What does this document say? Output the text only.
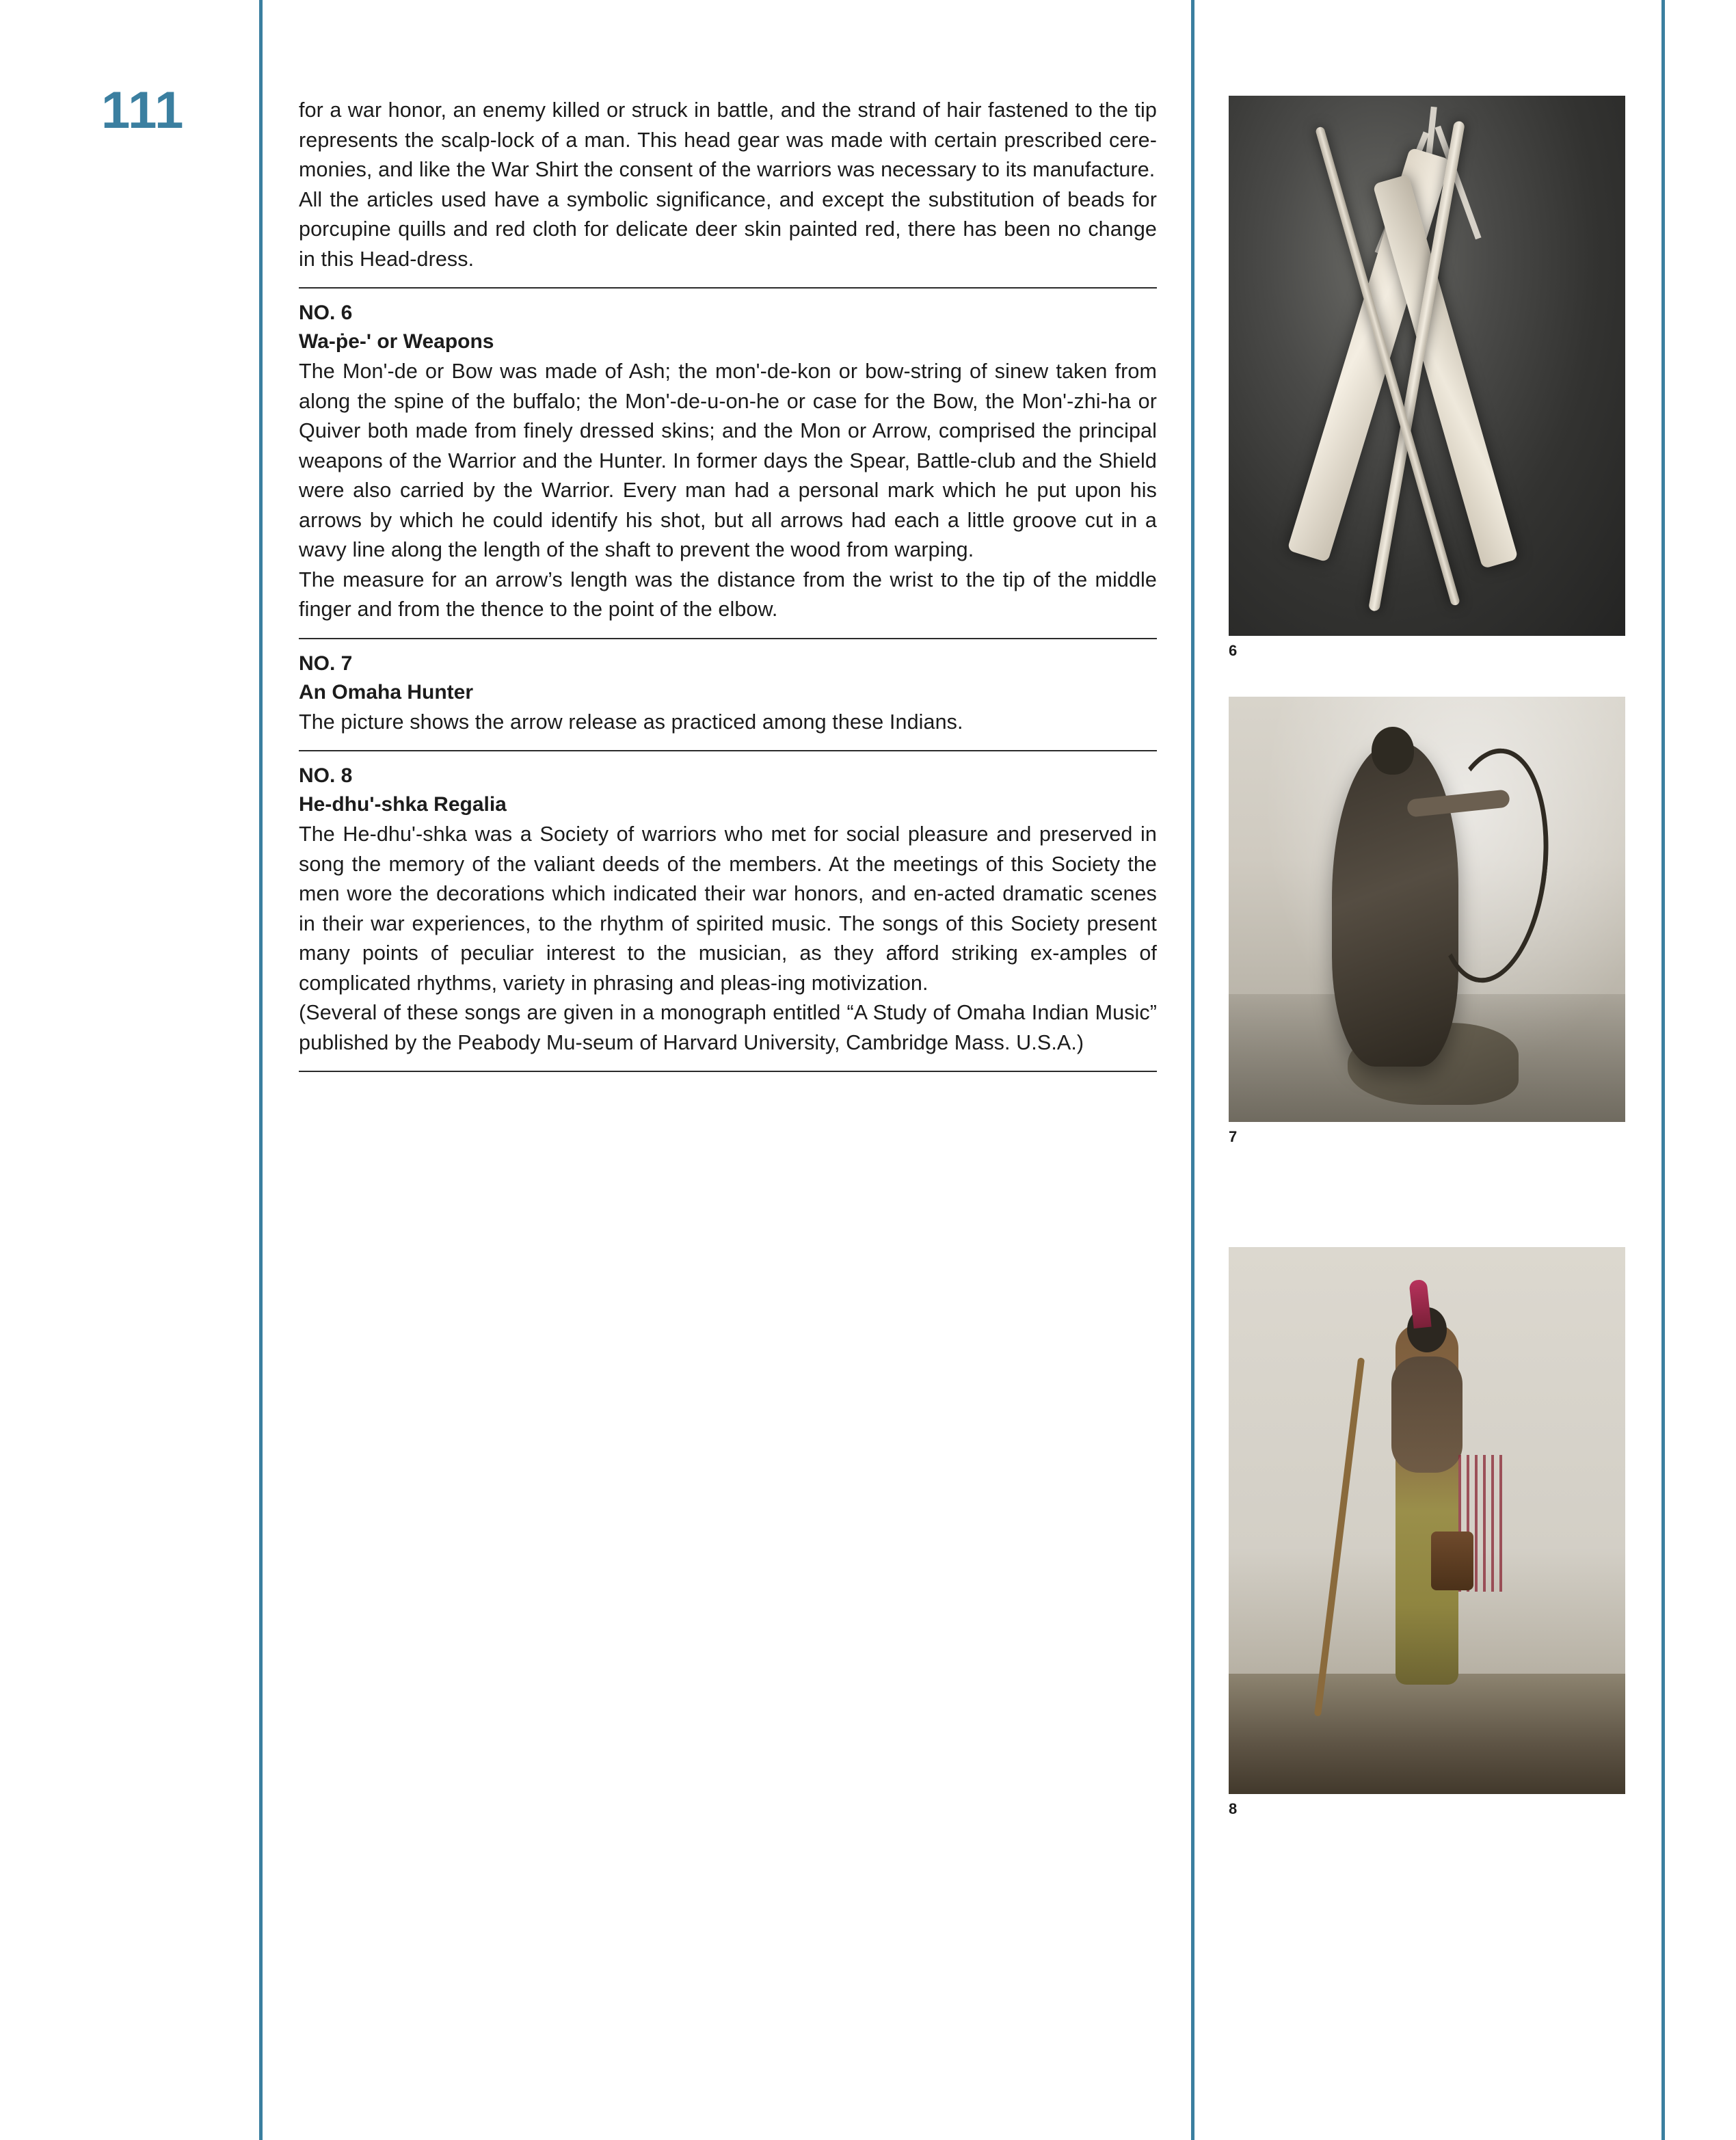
111	for a war honor, an enemy killed or struck in battle, and the strand of hair fastened to the tip represents the scalp-lock of a man. This head gear was made with certain prescribed cere-monies, and like the War Shirt the consent of the warriors was necessary to its manufacture.

All the articles used have a symbolic significance, and except the substitution of beads for porcupine quills and red cloth for delicate deer skin painted red, there has been no change in this Head-dress.

NO. 6

Wa-ṗe-ʹ or Weapons

The Monʹ-de or Bow was made of Ash; the monʹ-de-kon or bow-string of sinew taken from along the spine of the buffalo; the Monʹ-de-u-on-he or case for the Bow, the Monʹ-zhi-ha or Quiver both made from finely dressed skins; and the Mon or Arrow, comprised the principal weapons of the Warrior and the Hunter. In former days the Spear, Battle-club and the Shield were also carried by the Warrior. Every man had a personal mark which he put upon his arrows by which he could identify his shot, but all arrows had each a little groove cut in a wavy line along the length of the shaft to prevent the wood from warping.

The measure for an arrow’s length was the distance from the wrist to the tip of the middle finger and from the thence to the point of the elbow.

NO. 7

An Omaha Hunter

The picture shows the arrow release as practiced among these Indians.

NO. 8

He-dhuʹ-shka Regalia

The He-dhuʹ-shka was a Society of warriors who met for social pleasure and preserved in song the memory of the valiant deeds of the members. At the meetings of this Society the men wore the decorations which indicated their war honors, and en-acted dramatic scenes in their war experiences, to the rhythm of spirited music. The songs of this Society present many points of peculiar interest to the musician, as they afford striking ex-amples of complicated rhythms, variety in phrasing and pleas-ing motivization.

(Several of these songs are given in a monograph entitled “A Study of Omaha Indian Music” published by the Peabody Mu-seum of Harvard University, Cambridge Mass. U.S.A.)

6
7
8
